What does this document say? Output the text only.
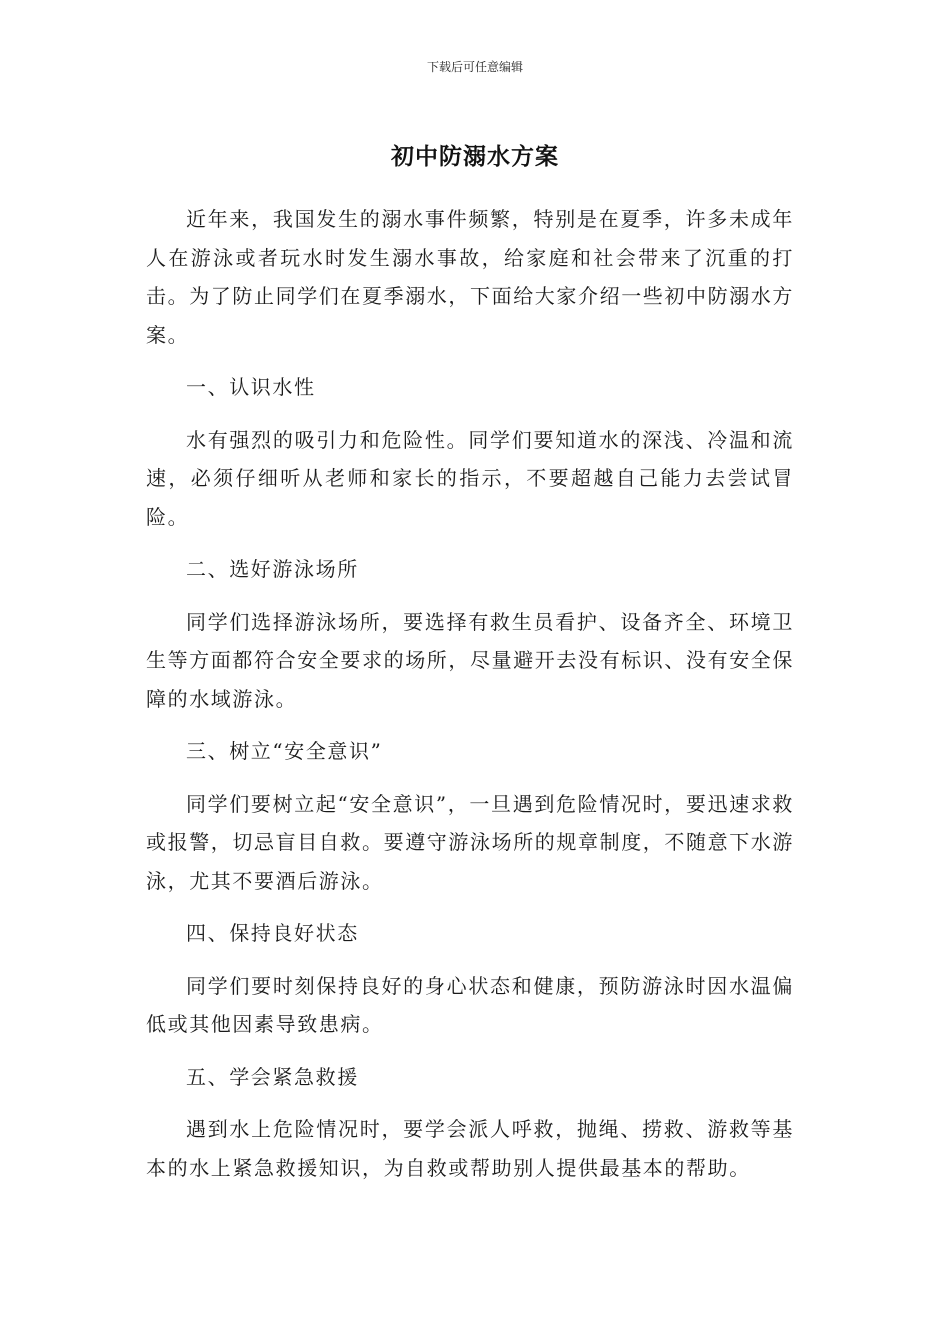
下载后可任意编辑
初中防溺水方案

近年来，我国发生的溺水事件频繁，特别是在夏季，许多未成年人在游泳或者玩水时发生溺水事故，给家庭和社会带来了沉重的打击。为了防止同学们在夏季溺水，下面给大家介绍一些初中防溺水方案。

一、认识水性

水有强烈的吸引力和危险性。同学们要知道水的深浅、冷温和流速，必须仔细听从老师和家长的指示，不要超越自己能力去尝试冒险。

二、选好游泳场所

同学们选择游泳场所，要选择有救生员看护、设备齐全、环境卫生等方面都符合安全要求的场所，尽量避开去没有标识、没有安全保障的水域游泳。

三、树立“安全意识”

同学们要树立起“安全意识”，一旦遇到危险情况时，要迅速求救或报警，切忌盲目自救。要遵守游泳场所的规章制度，不随意下水游泳，尤其不要酒后游泳。

四、保持良好状态

同学们要时刻保持良好的身心状态和健康，预防游泳时因水温偏低或其他因素导致患病。

五、学会紧急救援

遇到水上危险情况时，要学会派人呼救，抛绳、捞救、游救等基本的水上紧急救援知识，为自救或帮助别人提供最基本的帮助。
